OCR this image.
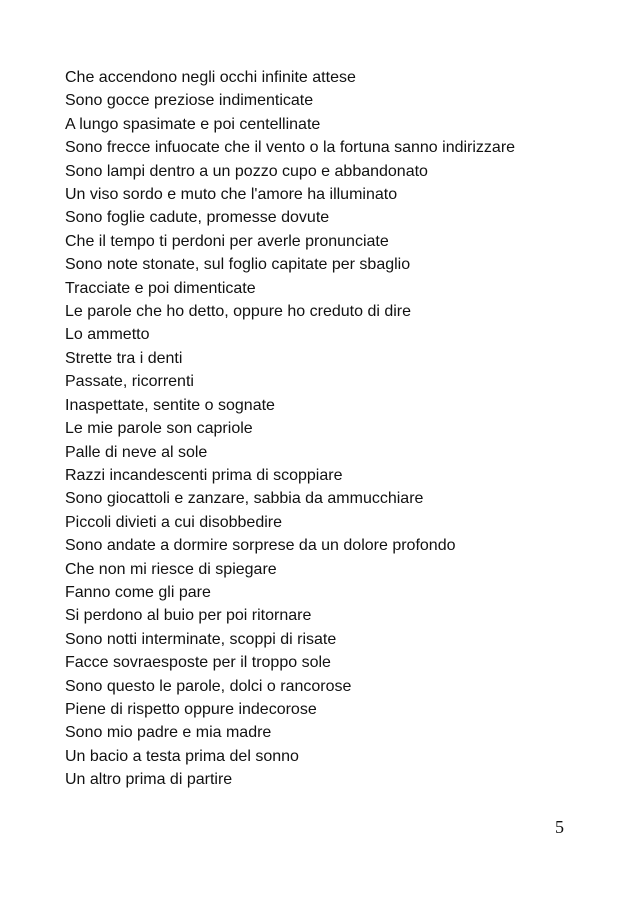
Che accendono negli occhi infinite attese
Sono gocce preziose indimenticate
A lungo spasimate e poi centellinate
Sono frecce infuocate che il vento o la fortuna sanno indirizzare
Sono lampi dentro a un pozzo cupo e abbandonato
Un viso sordo e muto che l'amore ha illuminato
Sono foglie cadute, promesse dovute
Che il tempo ti perdoni per averle pronunciate
Sono note stonate, sul foglio capitate per sbaglio
Tracciate e poi dimenticate
Le parole che ho detto, oppure ho creduto di dire
Lo ammetto
Strette tra i denti
Passate, ricorrenti
Inaspettate, sentite o sognate
Le mie parole son capriole
Palle di neve al sole
Razzi incandescenti prima di scoppiare
Sono giocattoli e zanzare, sabbia da ammucchiare
Piccoli divieti a cui disobbedire
Sono andate a dormire sorprese da un dolore profondo
Che non mi riesce di spiegare
Fanno come gli pare
Si perdono al buio per poi ritornare
Sono notti interminate, scoppi di risate
Facce sovraesposte per il troppo sole
Sono questo le parole, dolci o rancorose
Piene di rispetto oppure indecorose
Sono mio padre e mia madre
Un bacio a testa prima del sonno
Un altro prima di partire
5
